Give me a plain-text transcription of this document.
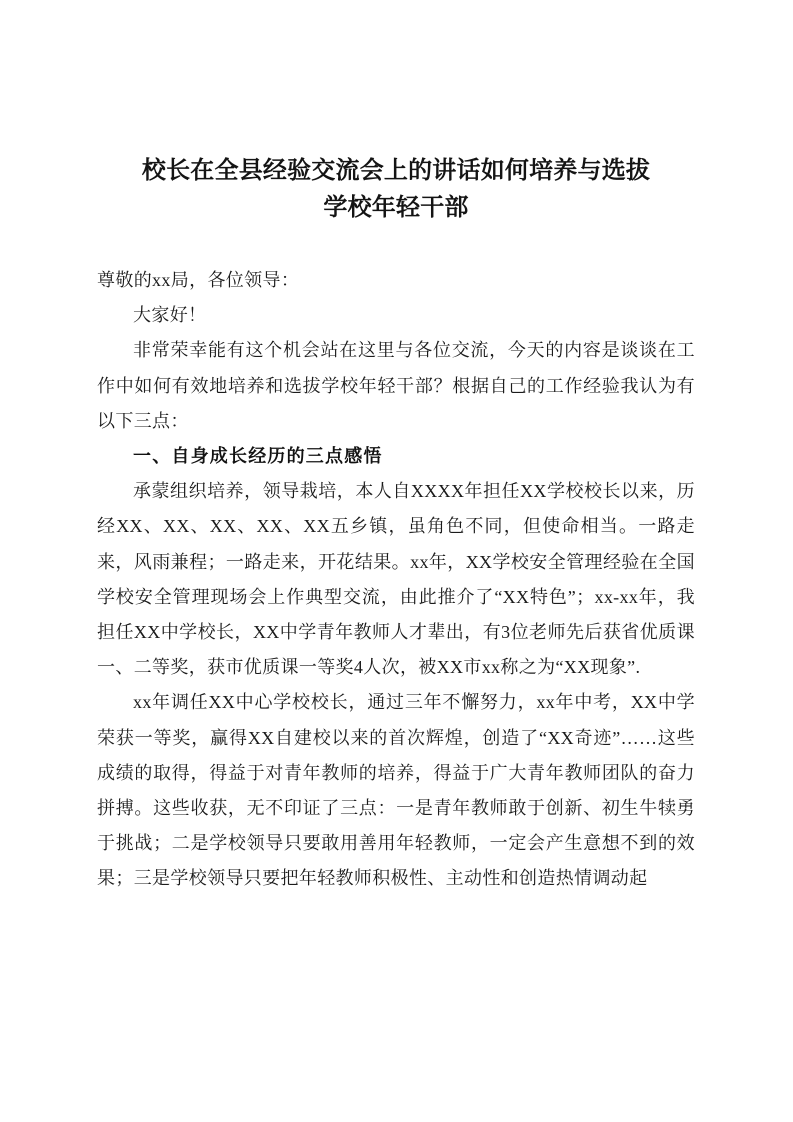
校长在全县经验交流会上的讲话如何培养与选拔
学校年轻干部

尊敬的xx局，各位领导：

大家好！

非常荣幸能有这个机会站在这里与各位交流，今天的内容是谈谈在工作中如何有效地培养和选拔学校年轻干部？根据自己的工作经验我认为有以下三点：

一、自身成长经历的三点感悟

承蒙组织培养，领导栽培，本人自XXXX年担任XX学校校长以来，历经XX、XX、XX、XX、XX五乡镇，虽角色不同，但使命相当。一路走来，风雨兼程；一路走来，开花结果。xx年，XX学校安全管理经验在全国学校安全管理现场会上作典型交流，由此推介了“XX特色”；xx-xx年，我担任XX中学校长，XX中学青年教师人才辈出，有3位老师先后获省优质课一、二等奖，获市优质课一等奖4人次，被XX市xx称之为“XX现象”.

xx年调任XX中心学校校长，通过三年不懈努力，xx年中考，XX中学荣获一等奖，赢得XX自建校以来的首次辉煌，创造了“XX奇迹”……这些成绩的取得，得益于对青年教师的培养，得益于广大青年教师团队的奋力拼搏。这些收获，无不印证了三点：一是青年教师敢于创新、初生牛犊勇于挑战；二是学校领导只要敢用善用年轻教师，一定会产生意想不到的效果；三是学校领导只要把年轻教师积极性、主动性和创造热情调动起
